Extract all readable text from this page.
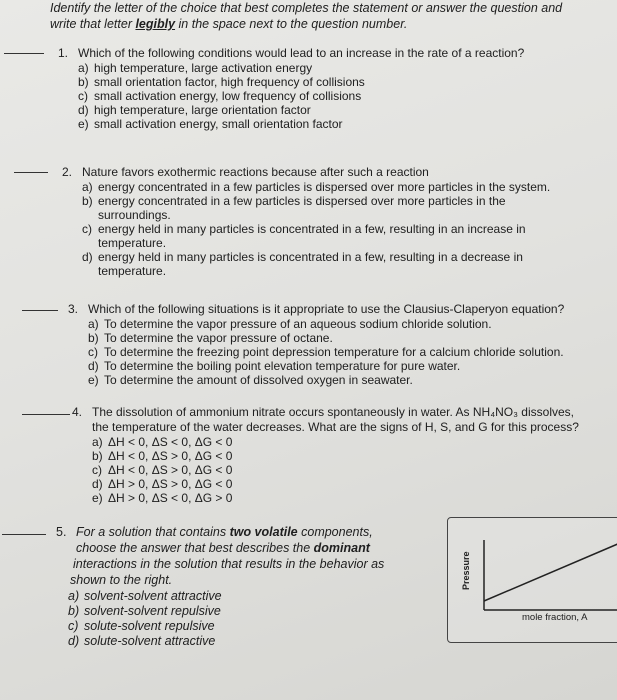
Identify the letter of the choice that best completes the statement or answer the question and
write that letter legibly in the space next to the question number.
1. Which of the following conditions would lead to an increase in the rate of a reaction?
a) high temperature, large activation energy
b) small orientation factor, high frequency of collisions
c) small activation energy, low frequency of collisions
d) high temperature, large orientation factor
e) small activation energy, small orientation factor
2. Nature favors exothermic reactions because after such a reaction
a) energy concentrated in a few particles is dispersed over more particles in the system.
b) energy concentrated in a few particles is dispersed over more particles in the surroundings.
c) energy held in many particles is concentrated in a few, resulting in an increase in temperature.
d) energy held in many particles is concentrated in a few, resulting in a decrease in temperature.
3. Which of the following situations is it appropriate to use the Clausius-Claperyon equation?
a) To determine the vapor pressure of an aqueous sodium chloride solution.
b) To determine the vapor pressure of octane.
c) To determine the freezing point depression temperature for a calcium chloride solution.
d) To determine the boiling point elevation temperature for pure water.
e) To determine the amount of dissolved oxygen in seawater.
4. The dissolution of ammonium nitrate occurs spontaneously in water. As NH₄NO₃ dissolves,
the temperature of the water decreases. What are the signs of H, S, and G for this process?
a) ΔH < 0, ΔS < 0, ΔG < 0
b) ΔH < 0, ΔS > 0, ΔG < 0
c) ΔH < 0, ΔS > 0, ΔG < 0
d) ΔH > 0, ΔS > 0, ΔG < 0
e) ΔH > 0, ΔS < 0, ΔG > 0
5. For a solution that contains two volatile components,
choose the answer that best describes the dominant
interactions in the solution that results in the behavior as
shown to the right.
a) solvent-solvent attractive
b) solvent-solvent repulsive
c) solute-solvent repulsive
d) solute-solvent attractive
Pressure
mole fraction, A
